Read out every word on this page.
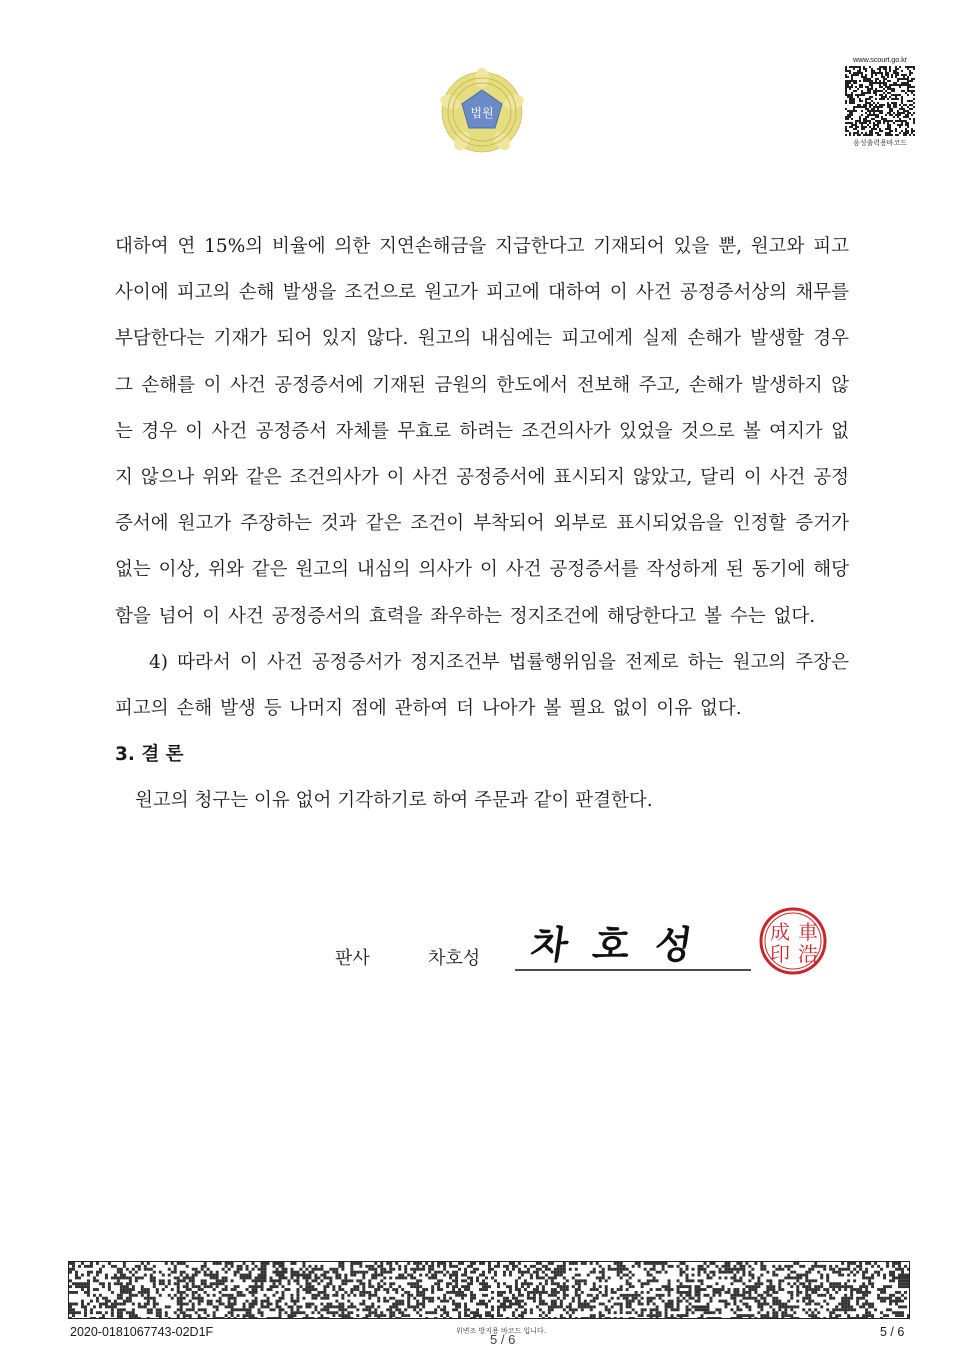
법원
www.scourt.go.kr
음성출력용바코드

대하여 연 15%의 비율에 의한 지연손해금을 지급한다고 기재되어 있을 뿐, 원고와 피고 사이에 피고의 손해 발생을 조건으로 원고가 피고에 대하여 이 사건 공정증서상의 채무를 부담한다는 기재가 되어 있지 않다. 원고의 내심에는 피고에게 실제 손해가 발생할 경우 그 손해를 이 사건 공정증서에 기재된 금원의 한도에서 전보해 주고, 손해가 발생하지 않는 경우 이 사건 공정증서 자체를 무효로 하려는 조건의사가 있었을 것으로 볼 여지가 없지 않으나 위와 같은 조건의사가 이 사건 공정증서에 표시되지 않았고, 달리 이 사건 공정증서에 원고가 주장하는 것과 같은 조건이 부착되어 외부로 표시되었음을 인정할 증거가 없는 이상, 위와 같은 원고의 내심의 의사가 이 사건 공정증서를 작성하게 된 동기에 해당함을 넘어 이 사건 공정증서의 효력을 좌우하는 정지조건에 해당한다고 볼 수는 없다.

4) 따라서 이 사건 공정증서가 정지조건부 법률행위임을 전제로 하는 원고의 주장은 피고의 손해 발생 등 나머지 점에 관하여 더 나아가 볼 필요 없이 이유 없다.

3. 결 론

원고의 청구는 이유 없어 기각하기로 하여 주문과 같이 판결한다.

판사	차호성 차 호 성	車
浩
成
印
2020-0181067743-02D1F	위변조 방지용 바코드 입니다.
5 / 6	5 / 6
